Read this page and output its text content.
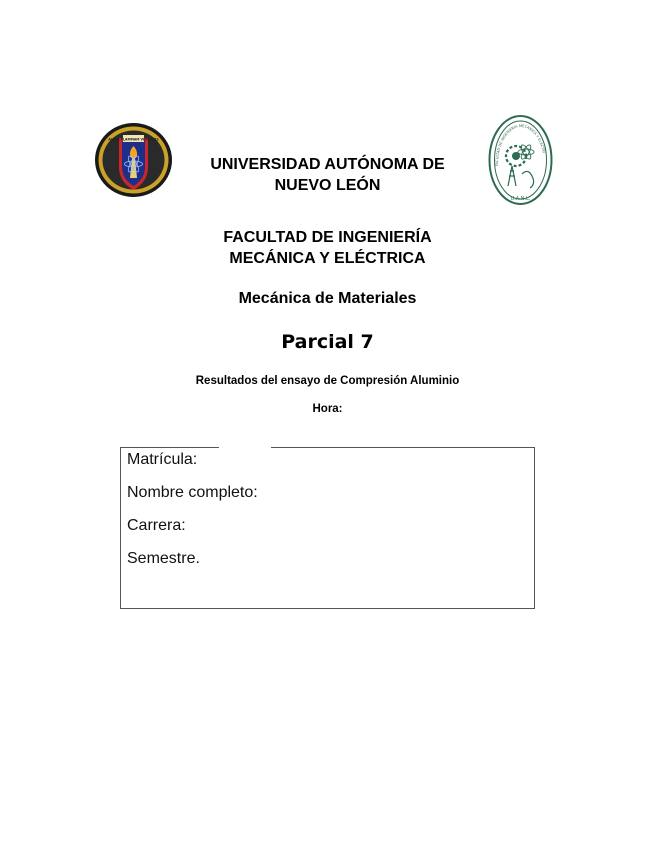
ALERE FLAMMAM VERITATIS
FACULTAD DE INGENIERIA MECANICA Y ELECTRI
U.A.N.L.
UNIVERSIDAD AUTÓNOMA DE
NUEVO LEÓN
FACULTAD DE INGENIERÍA
MECÁNICA Y ELÉCTRICA
Mecánica de Materiales
Parcial 7
Resultados del ensayo de Compresión Aluminio
Hora:
Matrícula:
Nombre completo:
Carrera:
Semestre.
